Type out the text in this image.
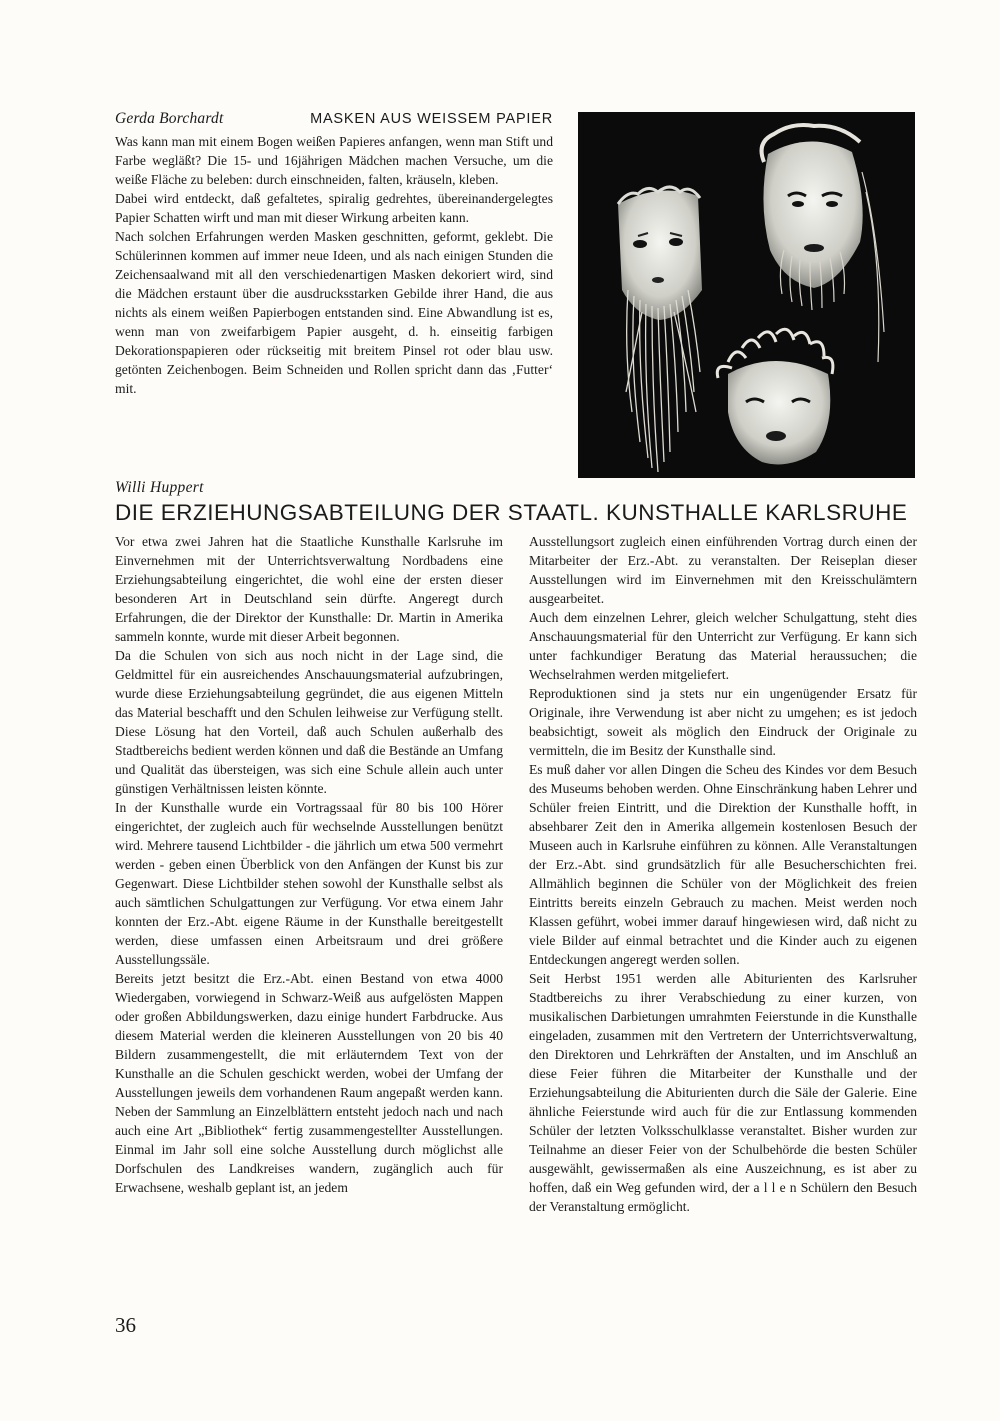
Gerda Borchardt	MASKEN AUS WEISSEM PAPIER

Was kann man mit einem Bogen weißen Papieres anfangen, wenn man Stift und Farbe wegläßt? Die 15- und 16jährigen Mädchen machen Versuche, um die weiße Fläche zu beleben: durch einschneiden, falten, kräuseln, kleben.

Dabei wird entdeckt, daß gefaltetes, spiralig gedrehtes, übereinandergelegtes Papier Schatten wirft und man mit dieser Wirkung arbeiten kann.

Nach solchen Erfahrungen werden Masken geschnitten, geformt, geklebt. Die Schülerinnen kommen auf immer neue Ideen, und als nach einigen Stunden die Zeichensaalwand mit all den verschiedenartigen Masken dekoriert wird, sind die Mädchen erstaunt über die ausdrucksstarken Gebilde ihrer Hand, die aus nichts als einem weißen Papierbogen entstanden sind. Eine Abwandlung ist es, wenn man von zweifarbigem Papier ausgeht, d. h. einseitig farbigen Dekorationspapieren oder rückseitig mit breitem Pinsel rot oder blau usw. getönten Zeichenbogen. Beim Schneiden und Rollen spricht dann das ‚Futter‘ mit.

Willi Huppert
DIE ERZIEHUNGSABTEILUNG DER STAATL. KUNSTHALLE KARLSRUHE

Vor etwa zwei Jahren hat die Staatliche Kunsthalle Karlsruhe im Einvernehmen mit der Unterrichtsverwaltung Nordbadens eine Erziehungsabteilung eingerichtet, die wohl eine der ersten dieser besonderen Art in Deutschland sein dürfte. Angeregt durch Erfahrungen, die der Direktor der Kunsthalle: Dr. Martin in Amerika sammeln konnte, wurde mit dieser Arbeit begonnen.

Da die Schulen von sich aus noch nicht in der Lage sind, die Geldmittel für ein ausreichendes Anschauungsmaterial aufzubringen, wurde diese Erziehungsabteilung gegründet, die aus eigenen Mitteln das Material beschafft und den Schulen leihweise zur Verfügung stellt. Diese Lösung hat den Vorteil, daß auch Schulen außerhalb des Stadtbereichs bedient werden können und daß die Bestände an Umfang und Qualität das übersteigen, was sich eine Schule allein auch unter günstigen Verhältnissen leisten könnte.

In der Kunsthalle wurde ein Vortragssaal für 80 bis 100 Hörer eingerichtet, der zugleich auch für wechselnde Ausstellungen benützt wird. Mehrere tausend Lichtbilder - die jährlich um etwa 500 vermehrt werden - geben einen Überblick von den Anfängen der Kunst bis zur Gegenwart. Diese Lichtbilder stehen sowohl der Kunsthalle selbst als auch sämtlichen Schulgattungen zur Verfügung. Vor etwa einem Jahr konnten der Erz.-Abt. eigene Räume in der Kunsthalle bereitgestellt werden, diese umfassen einen Arbeitsraum und drei größere Ausstellungssäle.

Bereits jetzt besitzt die Erz.-Abt. einen Bestand von etwa 4000 Wiedergaben, vorwiegend in Schwarz-Weiß aus aufgelösten Mappen oder großen Abbildungswerken, dazu einige hundert Farbdrucke. Aus diesem Material werden die kleineren Ausstellungen von 20 bis 40 Bildern zusammengestellt, die mit erläuterndem Text von der Kunsthalle an die Schulen geschickt werden, wobei der Umfang der Ausstellungen jeweils dem vorhandenen Raum angepaßt werden kann. Neben der Sammlung an Einzelblättern entsteht jedoch nach und nach auch eine Art „Bibliothek“ fertig zusammengestellter Ausstellungen. Einmal im Jahr soll eine solche Ausstellung durch möglichst alle Dorfschulen des Landkreises wandern, zugänglich auch für Erwachsene, weshalb geplant ist, an jedem

Ausstellungsort zugleich einen einführenden Vortrag durch einen der Mitarbeiter der Erz.-Abt. zu veranstalten. Der Reiseplan dieser Ausstellungen wird im Einvernehmen mit den Kreisschulämtern ausgearbeitet.

Auch dem einzelnen Lehrer, gleich welcher Schulgattung, steht dies Anschauungsmaterial für den Unterricht zur Verfügung. Er kann sich unter fachkundiger Beratung das Material heraussuchen; die Wechselrahmen werden mitgeliefert.

Reproduktionen sind ja stets nur ein ungenügender Ersatz für Originale, ihre Verwendung ist aber nicht zu umgehen; es ist jedoch beabsichtigt, soweit als möglich den Eindruck der Originale zu vermitteln, die im Besitz der Kunsthalle sind.

Es muß daher vor allen Dingen die Scheu des Kindes vor dem Besuch des Museums behoben werden. Ohne Einschränkung haben Lehrer und Schüler freien Eintritt, und die Direktion der Kunsthalle hofft, in absehbarer Zeit den in Amerika allgemein kostenlosen Besuch der Museen auch in Karlsruhe einführen zu können. Alle Veranstaltungen der Erz.-Abt. sind grundsätzlich für alle Besucherschichten frei. Allmählich beginnen die Schüler von der Möglichkeit des freien Eintritts bereits einzeln Gebrauch zu machen. Meist werden noch Klassen geführt, wobei immer darauf hingewiesen wird, daß nicht zu viele Bilder auf einmal betrachtet und die Kinder auch zu eigenen Entdeckungen angeregt werden sollen.

Seit Herbst 1951 werden alle Abiturienten des Karlsruher Stadtbereichs zu ihrer Verabschiedung zu einer kurzen, von musikalischen Darbietungen umrahmten Feierstunde in die Kunsthalle eingeladen, zusammen mit den Vertretern der Unterrichtsverwaltung, den Direktoren und Lehrkräften der Anstalten, und im Anschluß an diese Feier führen die Mitarbeiter der Kunsthalle und der Erziehungsabteilung die Abiturienten durch die Säle der Galerie. Eine ähnliche Feierstunde wird auch für die zur Entlassung kommenden Schüler der letzten Volksschulklasse veranstaltet. Bisher wurden zur Teilnahme an dieser Feier von der Schulbehörde die besten Schüler ausgewählt, gewissermaßen als eine Auszeichnung, es ist aber zu hoffen, daß ein Weg gefunden wird, der a l l e n Schülern den Besuch der Veranstaltung ermöglicht.

36
